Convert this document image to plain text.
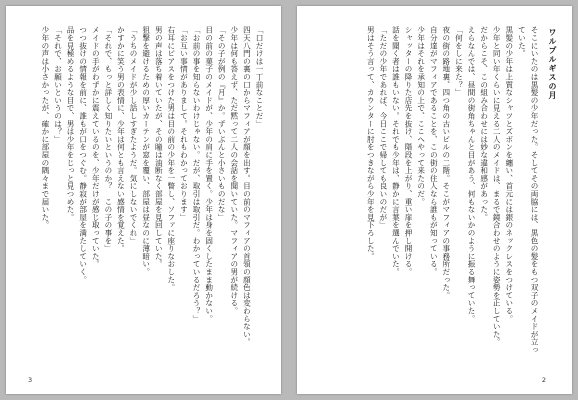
「口だけは一丁前なことだ」
四天八門の裏の口からマフィアが顔を出す。目の前のマフィアの首領の顔色は変わらない。
少年は何も答えず、ただ黙って二人の会話を聞いていた。マフィアの男が続ける。
「その子が例の『月』か。ずいぶんと小さいものだな」
目の前の菓子のメイドが、少年の肩に手を置く。少年は身を固くしたまま動かない。
「お前の事を知らないわけじゃない。だが、取引は取引だ。わかっているだろう？」
「お互い事情がありまして。それもわかっております」
右耳にピアスをつけた男は目の前の少年を一瞥し、ソファに座りなおした。
男の声は落ち着いていたが、その瞳は油断なく部屋を見回していた。
狙撃を避けるための厚いカーテンが窓を覆い、部屋は昼なのに薄暗い。
「うちのメイドが少し話しすぎたようだ。気にしないでくれ」
かすかに笑う男の表情に、少年は何とも言えない感情を覚えた。
「それで、もっと詳しく知りたいというのか？　この子の事を」
メイドの手がわずかに震えているのを、少年だけが感じ取っていた。
つつ抜けの情報を前に、誰もが口をつぐむ。静寂が部屋を満たしていく。
品を見極めるような目で、男は少年をじっと見つめた。
「それで、お願いというのは？」
少年の声は小さかったが、確かに部屋の隅々まで届いた。
3
ワルプルギスの月
そこにいたのは黒髪の少年だった。そしてその両脇には、黒色の髪をもつ双子のメイドが立っていた。
黒髪の少年は上質なシャツとズボンを纏い、首元には銀のネックレスをつけている。
少年と同い年くらいに見える二人のメイドは、まるで鏡合わせのように姿勢を正していた。
だからこそ、この組み合わせには妙な違和感があった。
えらなんでは、昼間の街角ちゃんと目があう、何もないかのように振る舞っていた。
「何をしに来た？」
夜の街の路地裏、四つ角の古いビルの二階。そこがマフィアの事務所だった。
自分達がマフィアであることを、この街の住人なら誰もが知っている。
少年はそれを承知の上で、ここへやって来たのだ。
シャッターの降りた店先を抜け、階段を上がり、重い扉を押し開ける。
話を聞く者は誰もいない。それでも少年は、静かに言葉を選んでいた。
「ただの少年であれば、今日ここで帰しても良いのだが」
男はそう言って、カウンターに肘をつきながら少年を見下ろした。
2
